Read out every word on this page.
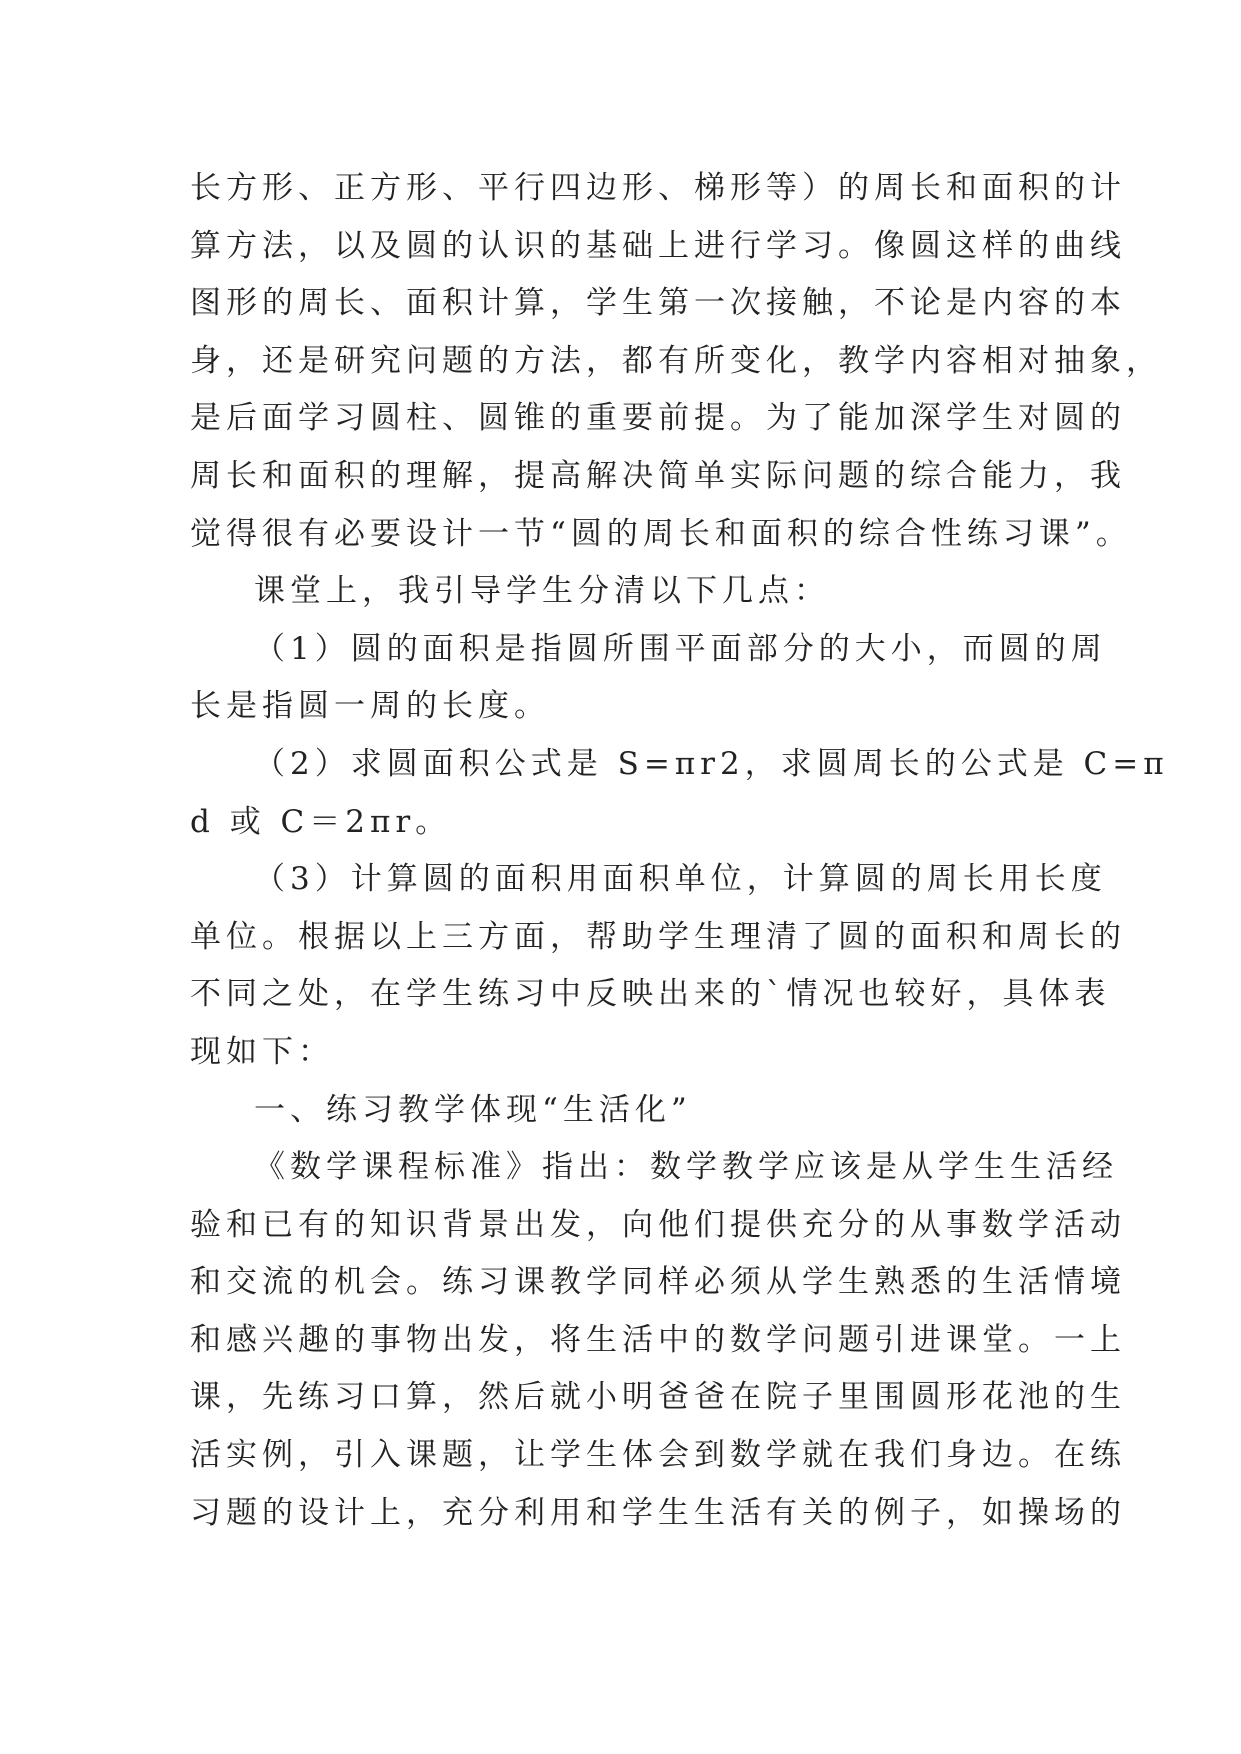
长方形、正方形、平行四边形、梯形等）的周长和面积的计
算方法，以及圆的认识的基础上进行学习。像圆这样的曲线
图形的周长、面积计算，学生第一次接触，不论是内容的本
身，还是研究问题的方法，都有所变化，教学内容相对抽象，
是后面学习圆柱、圆锥的重要前提。为了能加深学生对圆的
周长和面积的理解，提高解决简单实际问题的综合能力，我
觉得很有必要设计一节“圆的周长和面积的综合性练习课”。
课堂上，我引导学生分清以下几点：
（1）圆的面积是指圆所围平面部分的大小，而圆的周
长是指圆一周的长度。
（2）求圆面积公式是 S=πr2，求圆周长的公式是 C=π
d 或 C＝2πr。
（3）计算圆的面积用面积单位，计算圆的周长用长度
单位。根据以上三方面，帮助学生理清了圆的面积和周长的
不同之处，在学生练习中反映出来的`情况也较好，具体表
现如下：
一、练习教学体现“生活化”
《数学课程标准》指出：数学教学应该是从学生生活经
验和已有的知识背景出发，向他们提供充分的从事数学活动
和交流的机会。练习课教学同样必须从学生熟悉的生活情境
和感兴趣的事物出发，将生活中的数学问题引进课堂。一上
课，先练习口算，然后就小明爸爸在院子里围圆形花池的生
活实例，引入课题，让学生体会到数学就在我们身边。在练
习题的设计上，充分利用和学生生活有关的例子，如操场的
